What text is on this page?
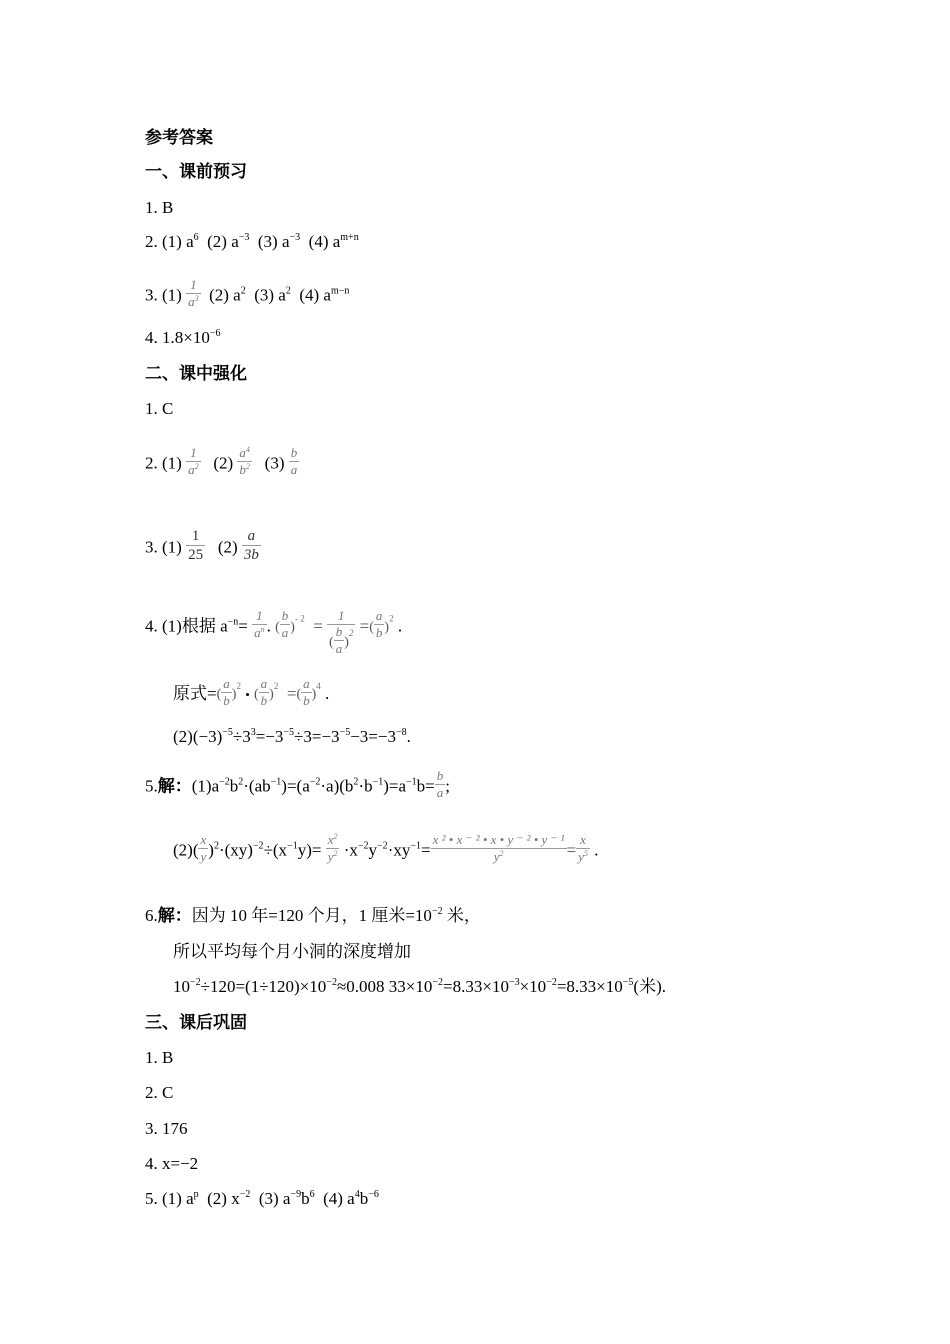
参考答案
一、课前预习
1. B
2. (1) $a^6$ (2) $a^{-3}$ (3) $a^{-3}$ (4) $a^{m+n}$
3. $(1) \frac{1}{a^3} (2)$ $a^2$ (3) $a^2$ (4) $a^{m-n}$
4. $1.8\times 10^{-6}$
二、课中强化
1. C
2. $(1) \frac{1}{a^2} (2) \frac{a^4}{b^2} (3) \frac{b}{a}$
3. $(1) \frac{1}{25} (2) \frac{a}{3b}$
4. (1)根据 $a^{-n}= \frac{1}{a^n}$ . ( $\frac{b}{a} )^{- 2} = \frac{1}{( \frac{b}{a} )^2}$ =( $\frac{a}{b} )^2$ .
原式=( $\frac{a}{b} )^2$ • ( $\frac{a}{b} )^2$ =( $\frac{a}{b} )^4$ .
$(2)(-3)^{-5}\div 3^3=-3^{-5}\div 3=-3^{-5}-3=-3^{-8}$.
5.解：$(1)a^{-2}b^2\cdot(ab^{-1})=(a^{-2}\cdot a)(b^2\cdot b^{-1})=a^{-1}b= \frac{b}{a}$ ;
$(2)( \frac{x}{y} )^2\cdot(xy)^{-2}\div(x^{-1}y)= \frac{x^2}{y^2} \cdot x^{-2}y^{-2}\cdot xy^{-1}= \frac{\text{x ² • x ⁻ ² • x • y ⁻ ² • y ⁻ ¹}}{y^2} = \frac{x}{y^5}$ .
6.解：因为 10 年=120 个月，1 厘米$=10^{-2}$ 米，
所以平均每个月小洞的深度增加
$10^{-2}\div 120=(1\div 120)\times 10^{-2}\approx 0.008$ $33\times 10^{-2}=8.33\times 10^{-3}\times 10^{-2}=8.33\times 10^{-5}$(米).
三、课后巩固
1. B
2. C
3. 176
4. x=−2
5. (1) $a^p$ (2) $x^{-2}$ (3) $a^{-9}b^6$ (4) $a^4b^{-6}$
